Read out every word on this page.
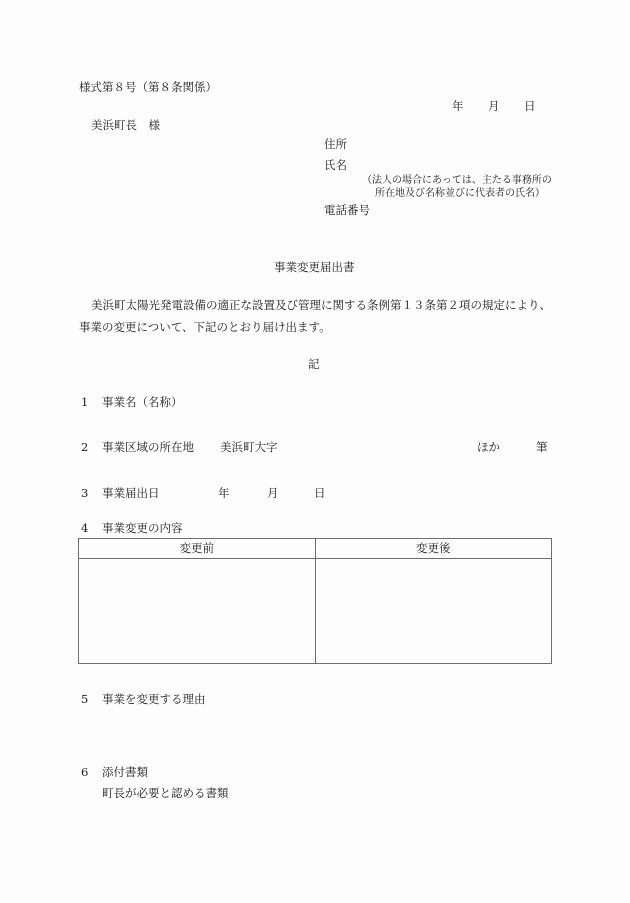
様式第８号（第８条関係）
年 月 日
美浜町長　様
住所
氏名
（法人の場合にあっては、主たる事務所の
所在地及び名称並びに代表者の氏名）
電話番号
事業変更届出書
美浜町太陽光発電設備の適正な設置及び管理に関する条例第１３条第２項の規定により、
事業の変更について、下記のとおり届け出ます。
記
1 事業名（名称）
2 事業区域の所在地 美浜町大字	ほか	筆
3 事業届出日	年	月	日
4 事業変更の内容
変更前	変更後

5 事業を変更する理由
6 添付書類
町長が必要と認める書類
